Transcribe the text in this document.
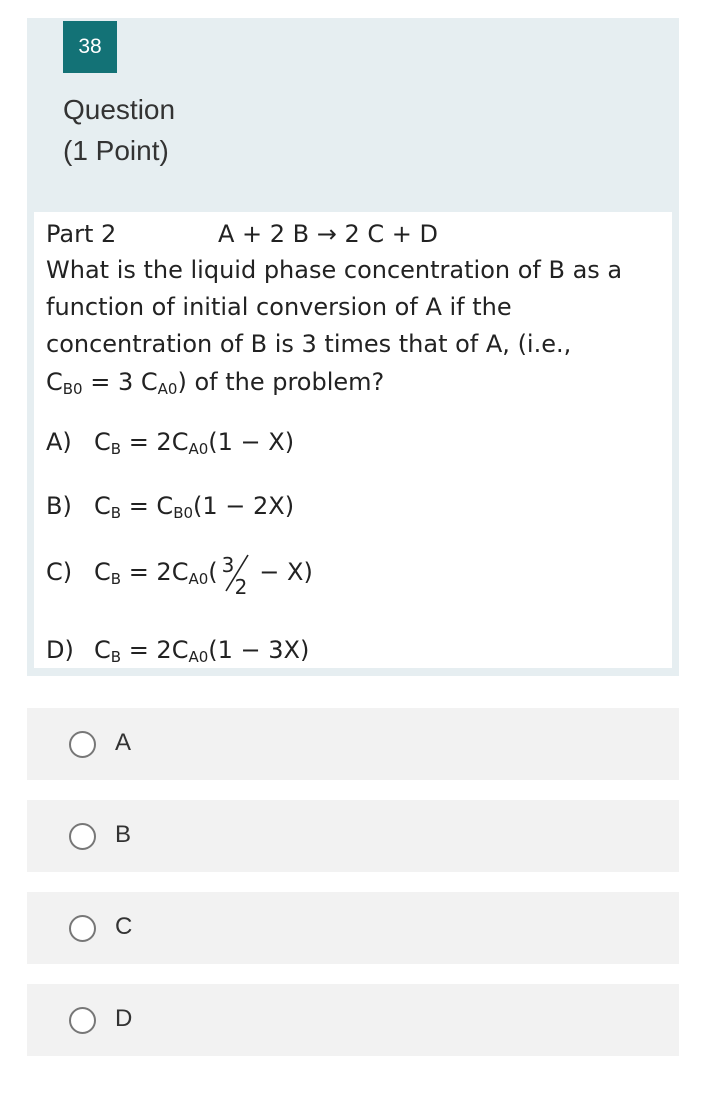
38
Question
(1 Point)
Part 2	A + 2 B → 2 C + D
What is the liquid phase concentration of B as a function of initial conversion of A if the concentration of B is 3 times that of A, (i.e.,
$C_{B0} = 3$ $C_{A0}$) of the problem?
A) $C_B = 2C_{A0}(1 - X)$
B) $C_B = C_{B0}(1 - 2X)$
C) $C_B = 2C_{A0}$( 3
2
− X)
D) $C_B = 2C_{A0}(1 - 3X)$
A
B
C
D
